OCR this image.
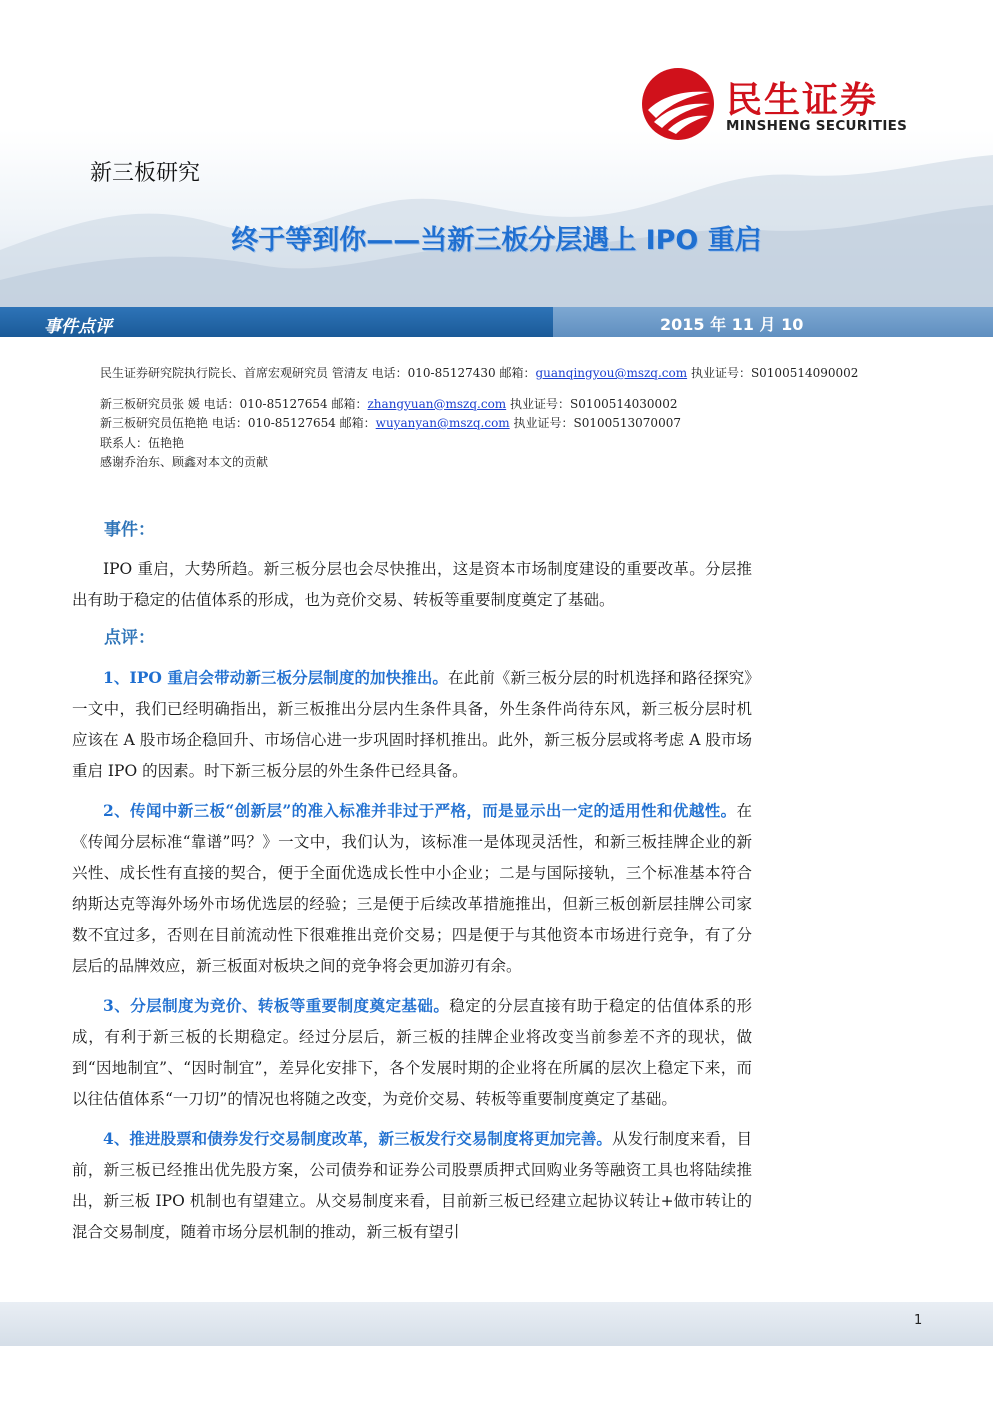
民生证券
MINSHENG SECURITIES
新三板研究
终于等到你——当新三板分层遇上 IPO 重启
事件点评	2015 年 11 月 10
民生证券研究院执行院长、首席宏观研究员 管清友 电话：010-85127430 邮箱：guanqingyou@mszq.com 执业证号：S0100514090002
新三板研究员张 媛 电话：010-85127654 邮箱：zhangyuan@mszq.com 执业证号：S0100514030002
新三板研究员伍艳艳 电话：010-85127654 邮箱：wuyanyan@mszq.com 执业证号：S0100513070007
联系人：伍艳艳
感谢乔治东、顾鑫对本文的贡献
事件：

IPO 重启，大势所趋。新三板分层也会尽快推出，这是资本市场制度建设的重要改革。分层推出有助于稳定的估值体系的形成，也为竞价交易、转板等重要制度奠定了基础。

点评：

1、IPO 重启会带动新三板分层制度的加快推出。在此前《新三板分层的时机选择和路径探究》一文中，我们已经明确指出，新三板推出分层内生条件具备，外生条件尚待东风，新三板分层时机应该在 A 股市场企稳回升、市场信心进一步巩固时择机推出。此外，新三板分层或将考虑 A 股市场重启 IPO 的因素。时下新三板分层的外生条件已经具备。

2、传闻中新三板“创新层”的准入标准并非过于严格，而是显示出一定的适用性和优越性。在《传闻分层标准“靠谱”吗？》一文中，我们认为，该标准一是体现灵活性，和新三板挂牌企业的新兴性、成长性有直接的契合，便于全面优选成长性中小企业；二是与国际接轨，三个标准基本符合纳斯达克等海外场外市场优选层的经验；三是便于后续改革措施推出，但新三板创新层挂牌公司家数不宜过多，否则在目前流动性下很难推出竞价交易；四是便于与其他资本市场进行竞争，有了分层后的品牌效应，新三板面对板块之间的竞争将会更加游刃有余。

3、分层制度为竞价、转板等重要制度奠定基础。稳定的分层直接有助于稳定的估值体系的形成，有利于新三板的长期稳定。经过分层后，新三板的挂牌企业将改变当前参差不齐的现状，做到“因地制宜”、“因时制宜”，差异化安排下，各个发展时期的企业将在所属的层次上稳定下来，而以往估值体系“一刀切”的情况也将随之改变，为竞价交易、转板等重要制度奠定了基础。

4、推进股票和债券发行交易制度改革，新三板发行交易制度将更加完善。从发行制度来看，目前，新三板已经推出优先股方案，公司债券和证券公司股票质押式回购业务等融资工具也将陆续推出，新三板 IPO 机制也有望建立。从交易制度来看，目前新三板已经建立起协议转让+做市转让的混合交易制度，随着市场分层机制的推动，新三板有望引

1
